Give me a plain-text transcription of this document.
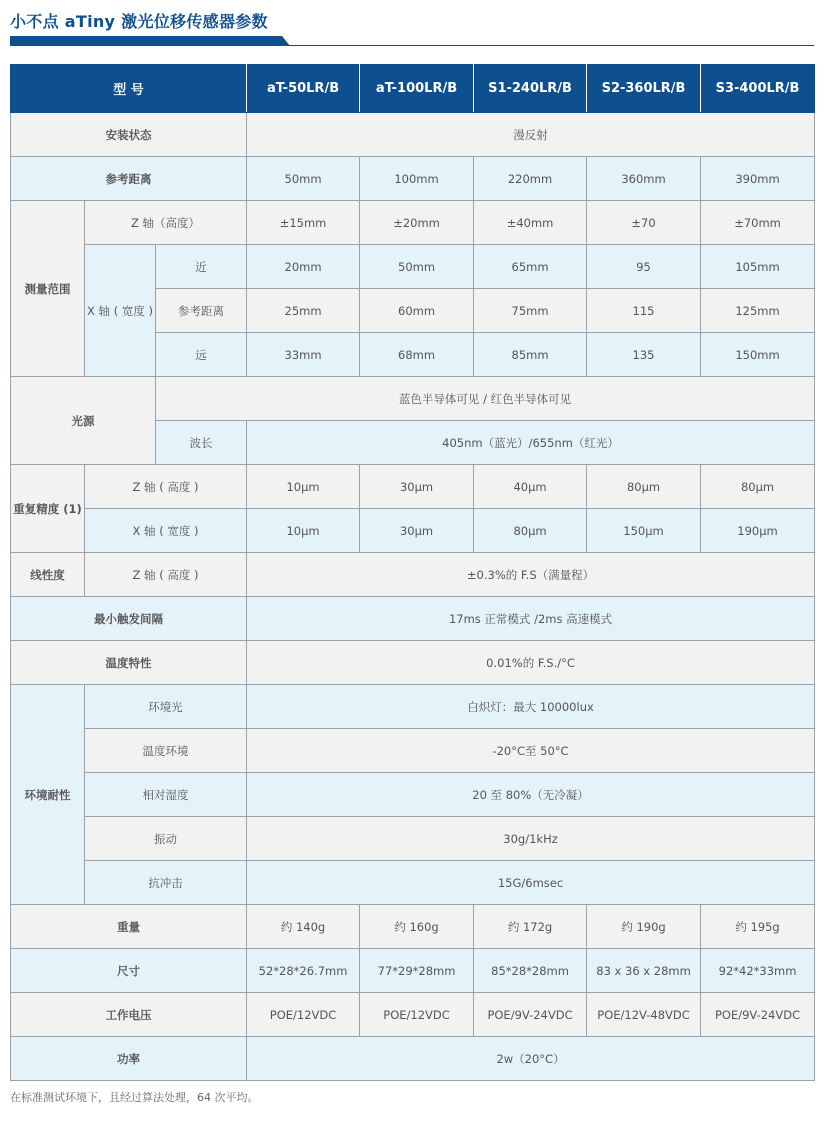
小不点 aTiny 激光位移传感器参数
型 号			aT-50LR/B	aT-100LR/B	S1-240LR/B	S2-360LR/B	S3-400LR/B
安装状态			漫反射				
参考距离			50mm	100mm	220mm	360mm	390mm
测量范围	Z 轴（高度）		±15mm	±20mm	±40mm	±70	±70mm
	X 轴 ( 宽度 )	近	20mm	50mm	65mm	95	105mm
		参考距离	25mm	60mm	75mm	115	125mm
		远	33mm	68mm	85mm	135	150mm
光源		蓝色半导体可见 / 红色半导体可见					
		波长	405nm（蓝光）/655nm（红光）				
重复精度 (1)	Z 轴 ( 高度 )		10μm	30μm	40μm	80μm	80μm
	X 轴 ( 宽度 )		10μm	30μm	80μm	150μm	190μm
线性度	Z 轴 ( 高度 )		±0.3%的 F.S（满量程）				
最小触发间隔			17ms 正常模式 /2ms 高速模式				
温度特性			0.01%的 F.S./°C				
环境耐性	环境光		白炽灯：最大 10000lux				
	温度环境		-20°C至 50°C				
	相对湿度		20 至 80%（无冷凝）				
	振动		30g/1kHz				
	抗冲击		15G/6msec				
重量			约 140g	约 160g	约 172g	约 190g	约 195g
尺寸			52*28*26.7mm	77*29*28mm	85*28*28mm	83 x 36 x 28mm	92*42*33mm
工作电压			POE/12VDC	POE/12VDC	POE/9V-24VDC	POE/12V-48VDC	POE/9V-24VDC
功率			2w（20°C）				
在标准测试环境下，且经过算法处理，64 次平均。
